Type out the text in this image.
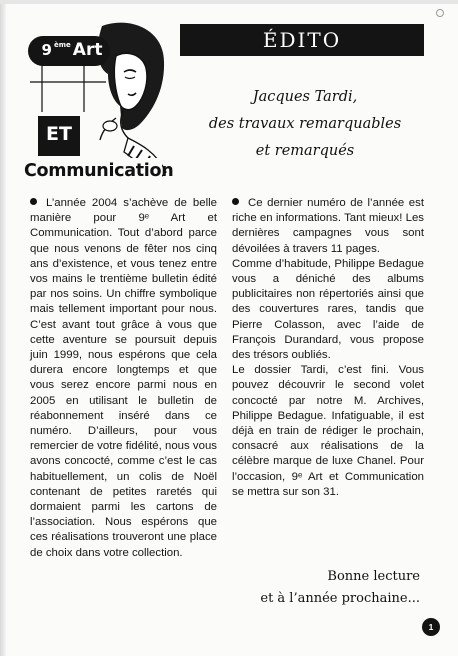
9 ème Art
ET
Communication
ÉDITO
Jacques Tardi,
des travaux remarquables
et remarqués

L’année 2004 s’achève de belle manière pour 9ᵉ Art et Communication. Tout d’abord parce que nous venons de fêter nos cinq ans d’existence, et vous tenez entre vos mains le trentième bulletin édité par nos soins. Un chiffre symbolique mais tellement important pour nous. C’est avant tout grâce à vous que cette aventure se poursuit depuis juin 1999, nous espérons que cela durera encore longtemps et que vous serez encore parmi nous en 2005 en utilisant le bulletin de réabonnement inséré dans ce numéro. D’ailleurs, pour vous remercier de votre fidélité, nous vous avons concocté, comme c’est le cas habituellement, un colis de Noël contenant de petites raretés qui dormaient parmi les cartons de l’association. Nous espérons que ces réalisations trouveront une place de choix dans votre collection.

Ce dernier numéro de l’année est riche en informations. Tant mieux! Les dernières campagnes vous sont dévoilées à travers 11 pages.

Comme d’habitude, Philippe Bedague vous a déniché des albums publicitaires non répertoriés ainsi que des couvertures rares, tandis que Pierre Colasson, avec l’aide de François Durandard, vous propose des trésors oubliés.

Le dossier Tardi, c’est fini. Vous pouvez découvrir le second volet concocté par notre M. Archives, Philippe Bedague. Infatiguable, il est déjà en train de rédiger le prochain, consacré aux réalisations de la célèbre marque de luxe Chanel. Pour l’occasion, 9ᵉ Art et Communication se mettra sur son 31.

Bonne lecture
et à l’année prochaine...
1
